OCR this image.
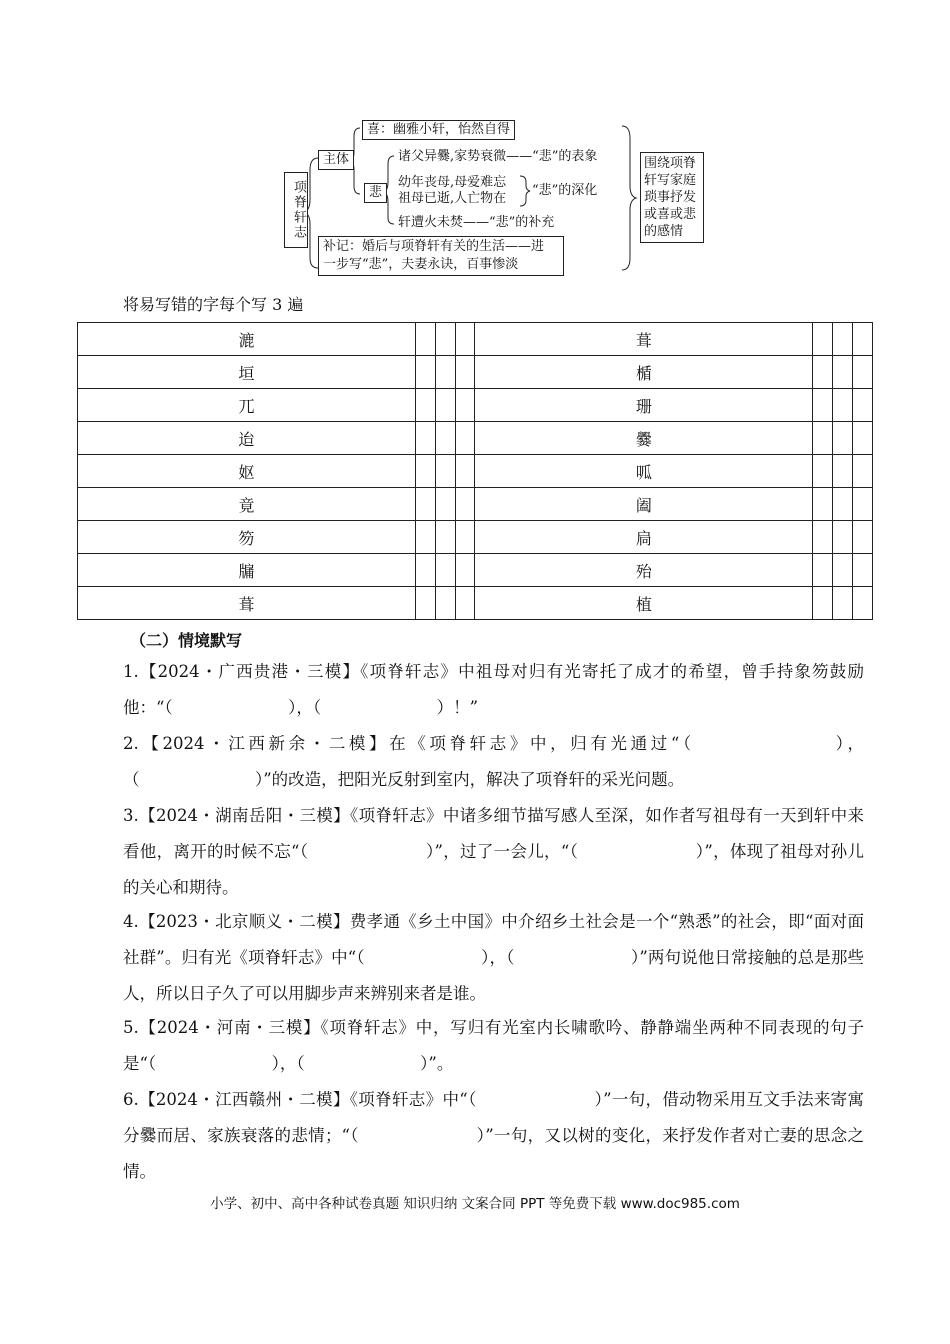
项脊轩志
主体
喜：幽雅小轩，怡然自得
悲
诸父异爨,家势衰微——“悲”的表象
幼年丧母,母爱难忘
祖母已逝,人亡物在
“悲”的深化
轩遭火未焚——“悲”的补充
补记：婚后与项脊轩有关的生活——进
一步写“悲”，夫妻永诀，百事惨淡
围绕项脊轩写家庭琐事抒发或喜或悲的感情
将易写错的字每个写 3 遍
漉				葺			
垣				楯			
兀				珊			
迨				爨			
妪				呱			
竟				阖			
笏				扃			
牖				殆			
葺				植			
（二）情境默写
1.【2024・广西贵港・三模】《项脊轩志》中祖母对归有光寄托了成才的希望，曾手持象笏鼓励他：“（　　　　　　　），（　　　　　　　）！”
2.【2024・江西新余・二模】在《项脊轩志》中，归有光通过“（　　　　　　　），（　　　　　　　）”的改造，把阳光反射到室内，解决了项脊轩的采光问题。
3.【2024・湖南岳阳・三模】《项脊轩志》中诸多细节描写感人至深，如作者写祖母有一天到轩中来看他，离开的时候不忘“（　　　　　　　）”，过了一会儿，“（　　　　　　　）”，体现了祖母对孙儿的关心和期待。
4.【2023・北京顺义・二模】费孝通《乡土中国》中介绍乡土社会是一个“熟悉”的社会，即“面对面社群”。归有光《项脊轩志》中“（　　　　　　　），（　　　　　　　）”两句说他日常接触的总是那些人，所以日子久了可以用脚步声来辨别来者是谁。
5.【2024・河南・三模】《项脊轩志》中，写归有光室内长啸歌吟、静静端坐两种不同表现的句子是“（　　　　　　　），（　　　　　　　）”。
6.【2024・江西赣州・二模】《项脊轩志》中“（　　　　　　　）”一句，借动物采用互文手法来寄寓分爨而居、家族衰落的悲情；“（　　　　　　　）”一句，又以树的变化，来抒发作者对亡妻的思念之情。
小学、初中、高中各种试卷真题 知识归纳 文案合同 PPT 等免费下载 www.doc985.com
